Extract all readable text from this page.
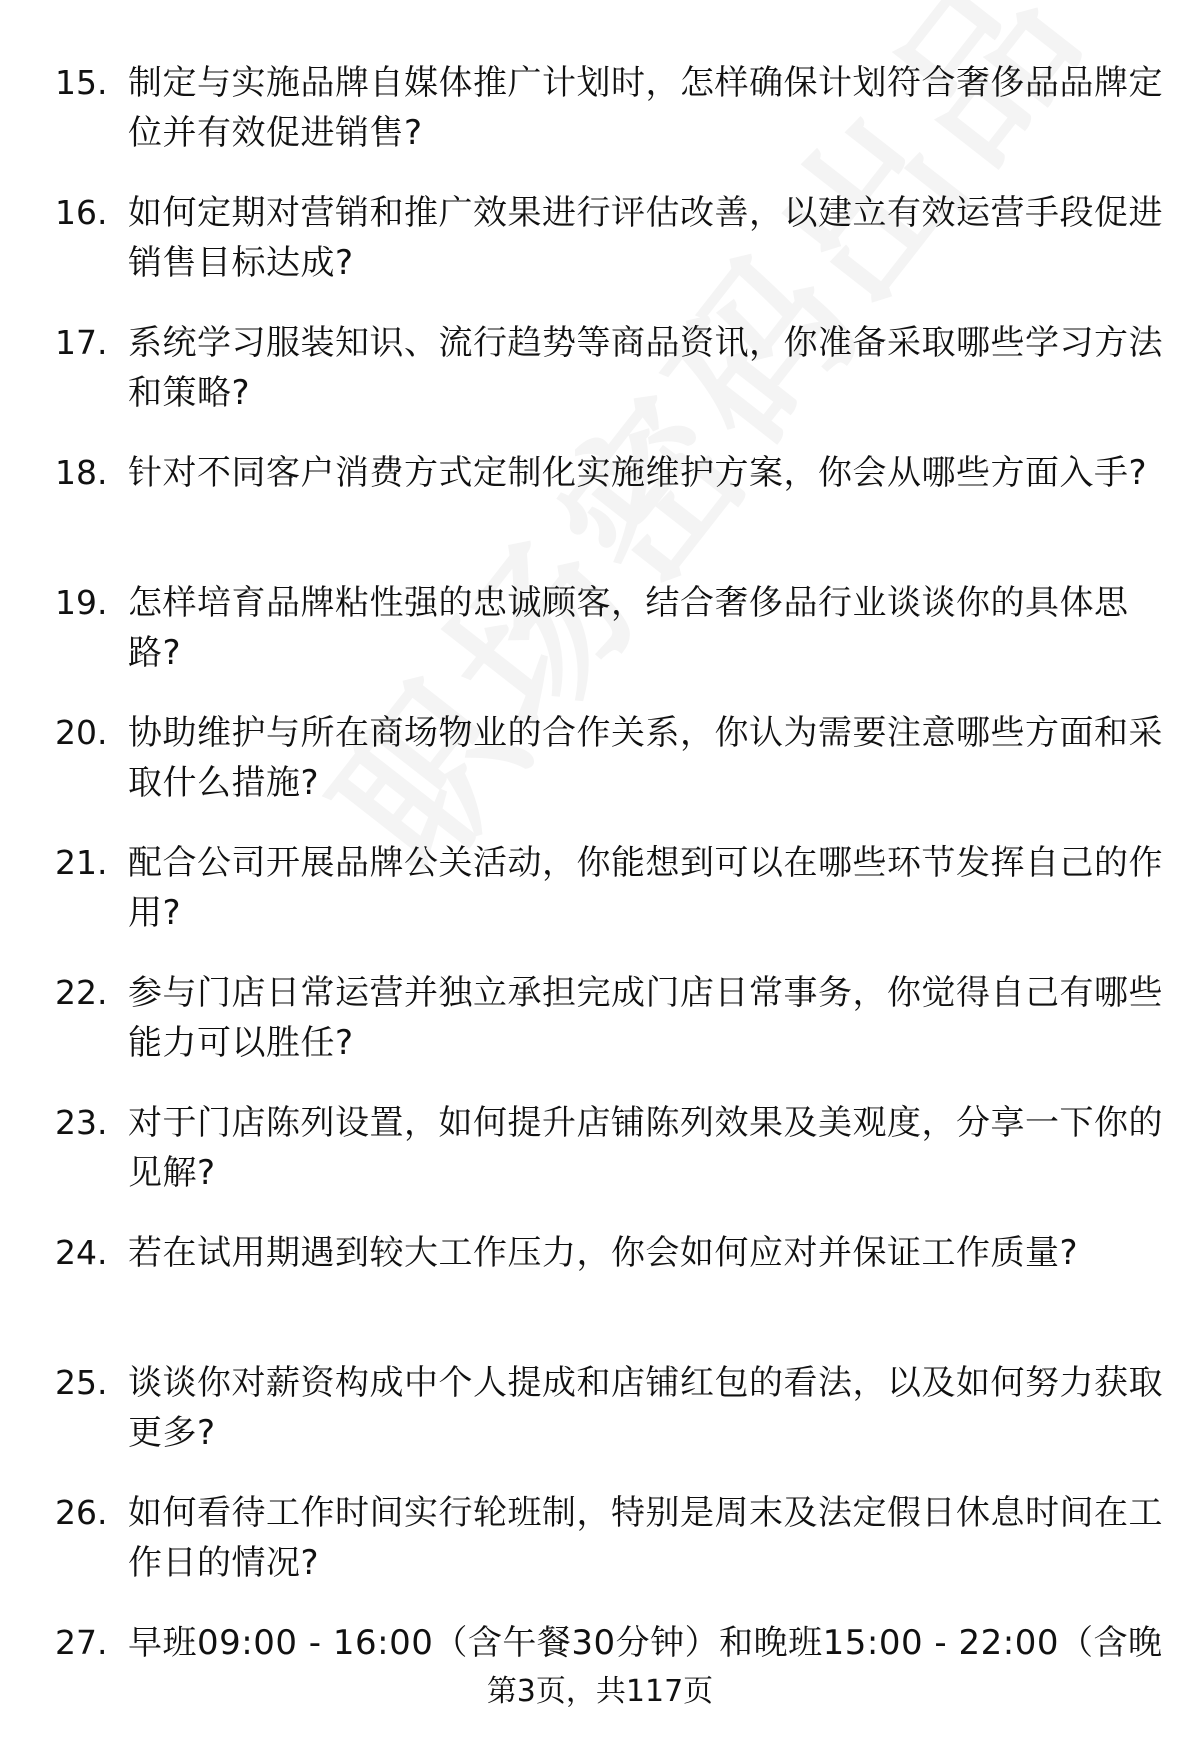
15. 制定与实施品牌自媒体推广计划时，怎样确保计划符合奢侈品品牌定位并有效促进销售?
16. 如何定期对营销和推广效果进行评估改善，以建立有效运营手段促进销售目标达成?
17. 系统学习服装知识、流行趋势等商品资讯，你准备采取哪些学习方法和策略?
18. 针对不同客户消费方式定制化实施维护方案，你会从哪些方面入手?
19. 怎样培育品牌粘性强的忠诚顾客，结合奢侈品行业谈谈你的具体思路?
20. 协助维护与所在商场物业的合作关系，你认为需要注意哪些方面和采取什么措施?
21. 配合公司开展品牌公关活动，你能想到可以在哪些环节发挥自己的作用?
22. 参与门店日常运营并独立承担完成门店日常事务，你觉得自己有哪些能力可以胜任?
23. 对于门店陈列设置，如何提升店铺陈列效果及美观度，分享一下你的见解?
24. 若在试用期遇到较大工作压力，你会如何应对并保证工作质量?
25. 谈谈你对薪资构成中个人提成和店铺红包的看法，以及如何努力获取更多?
26. 如何看待工作时间实行轮班制，特别是周末及法定假日休息时间在工作日的情况?
27. 早班09:00 - 16:00（含午餐30分钟）和晚班15:00 - 22:00（含晚
第3页，共117页
